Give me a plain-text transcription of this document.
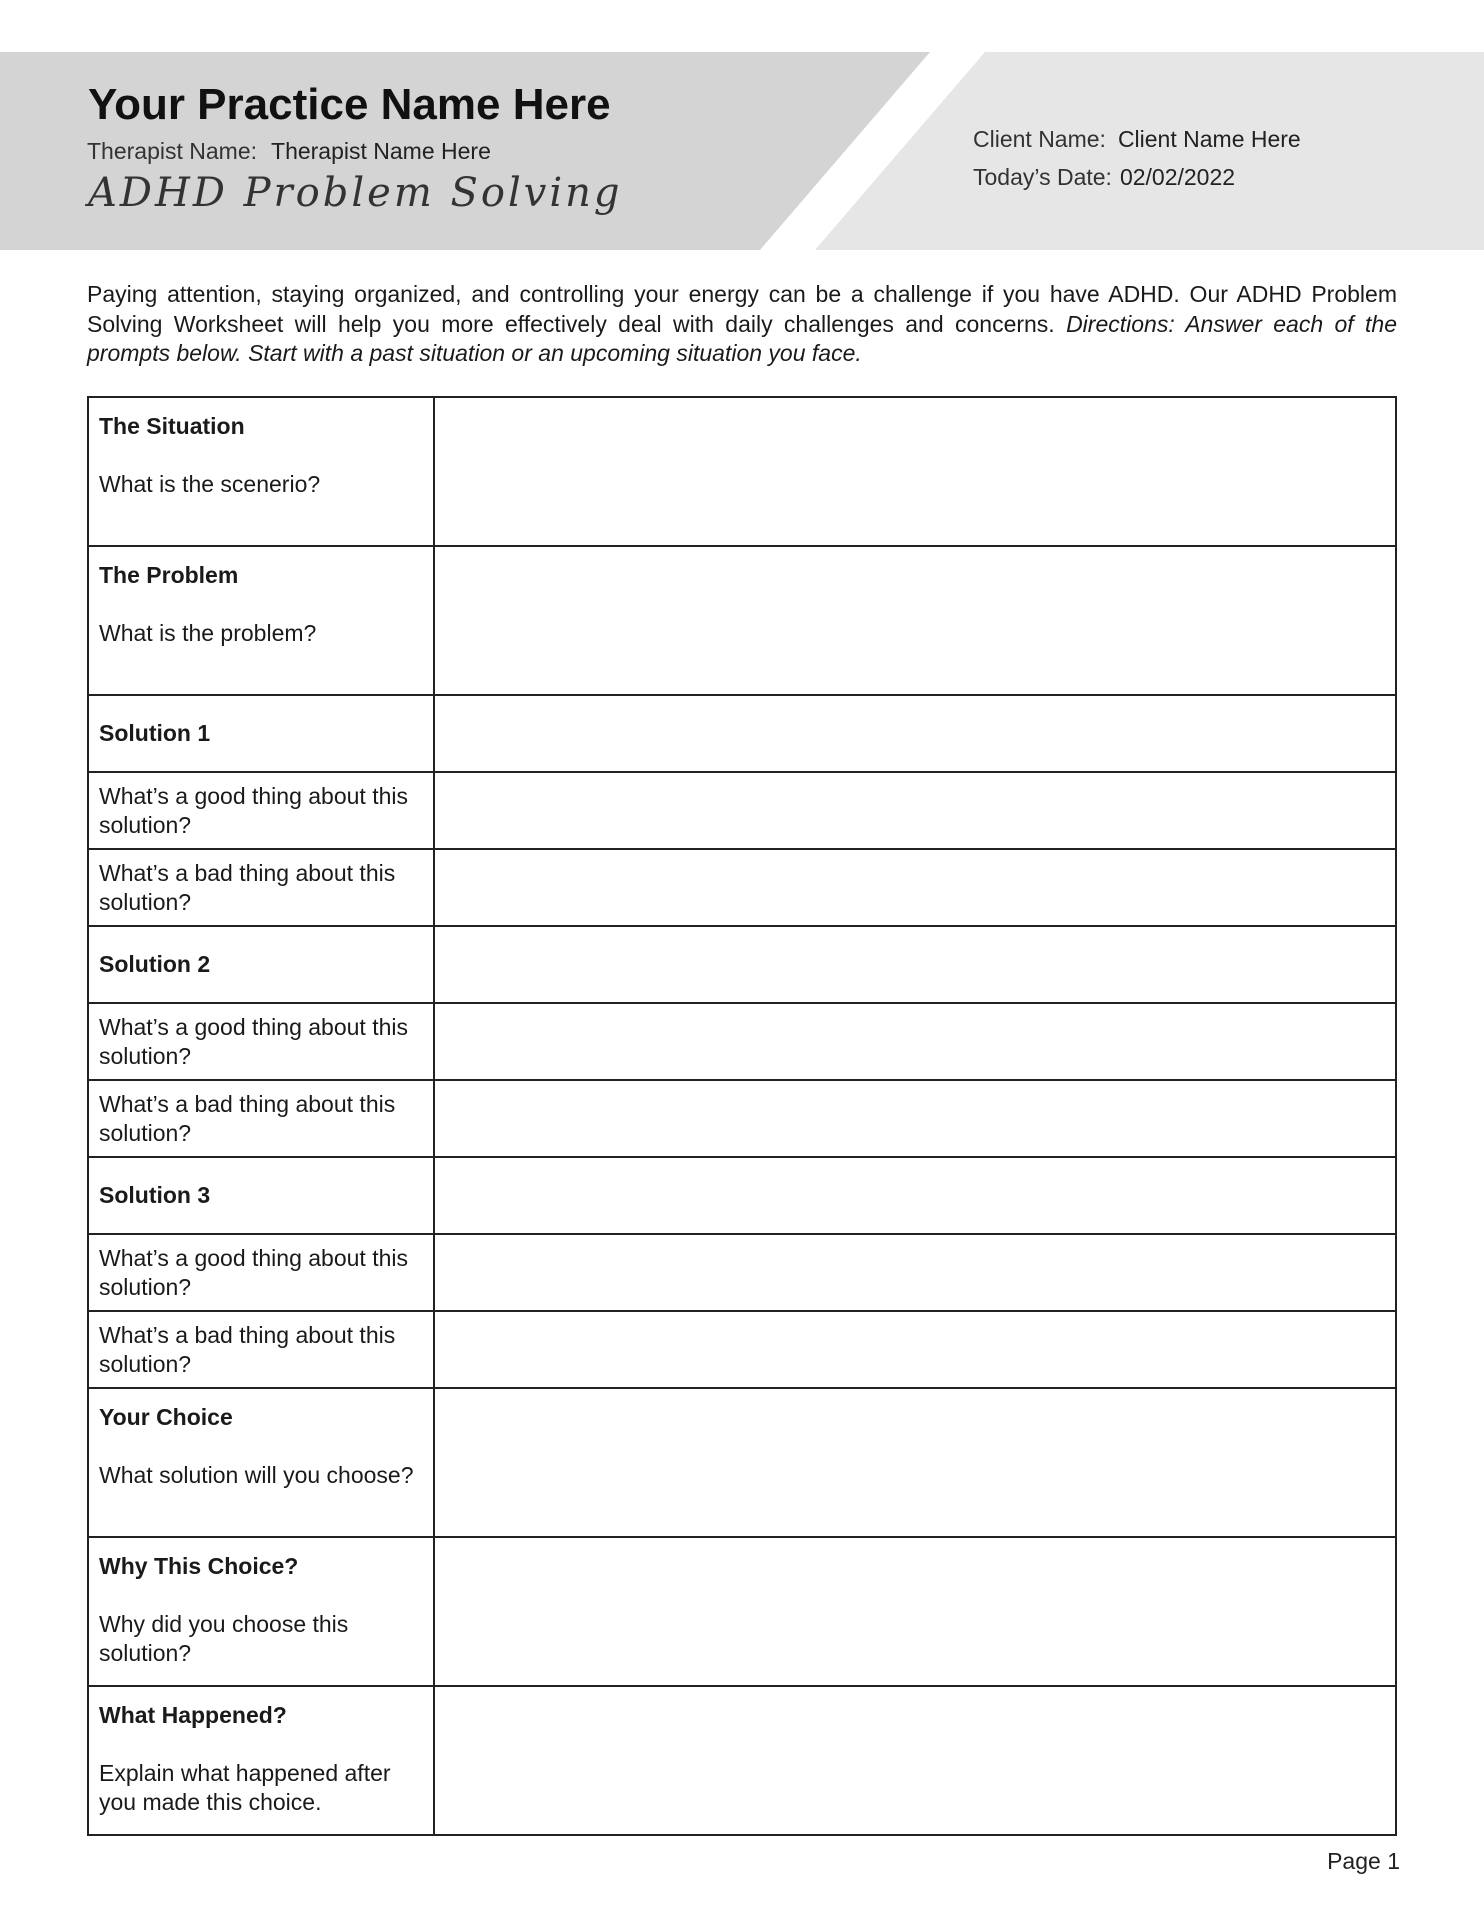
Your Practice Name Here
Therapist Name: Therapist Name Here
ADHD Problem Solving
Client Name: Client Name Here
Today’s Date: 02/02/2022
Paying attention, staying organized, and controlling your energy can be a challenge if you have ADHD. Our ADHD Problem Solving Worksheet will help you more effectively deal with daily challenges and concerns. Directions: Answer each of the prompts below. Start with a past situation or an upcoming situation you face.
The Situation
What is the scenerio?	

The Problem
What is the problem?	

Solution 1	

What’s a good thing about this solution?	
What’s a bad thing about this solution?	

Solution 2	

What’s a good thing about this solution?	
What’s a bad thing about this solution?	

Solution 3	

What’s a good thing about this solution?	
What’s a bad thing about this solution?	

Your Choice
What solution will you choose?	

Why This Choice?
Why did you choose this solution?	

What Happened?
Explain what happened after you made this choice.	

Page 1
